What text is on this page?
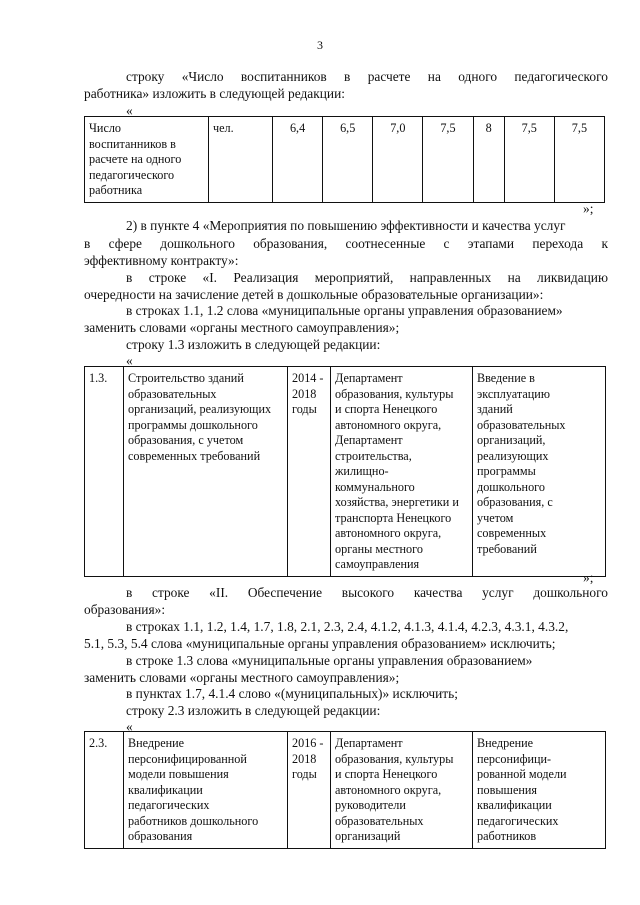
3
строку «Число воспитанников в расчете на одного педагогического
работника» изложить в следующей редакции:
«
Число
воспитанников в
расчете на одного
педагогического
работника	чел.	6,4	6,5	7,0	7,5	8	7,5	7,5
»;
2) в пункте 4 «Мероприятия по повышению эффективности и качества услуг
в сфере дошкольного образования, соотнесенные с этапами перехода к
эффективному контракту»:
в строке «I. Реализация мероприятий, направленных на ликвидацию
очередности на зачисление детей в дошкольные образовательные организации»:
в строках 1.1, 1.2 слова «муниципальные органы управления образованием»
заменить словами «органы местного самоуправления»;
строку 1.3 изложить в следующей редакции:
«
1.3.	Строительство зданий
образовательных
организаций, реализующих
программы дошкольного
образования, с учетом
современных требований	2014 -
2018
годы	Департамент
образования, культуры
и спорта Ненецкого
автономного округа,
Департамент
строительства,
жилищно-
коммунального
хозяйства, энергетики и
транспорта Ненецкого
автономного округа,
органы местного
самоуправления	Введение в
эксплуатацию
зданий
образовательных
организаций,
реализующих
программы
дошкольного
образования, с
учетом
современных
требований
»;
в строке «II. Обеспечение высокого качества услуг дошкольного
образования»:
в строках 1.1, 1.2, 1.4, 1.7, 1.8, 2.1, 2.3, 2.4, 4.1.2, 4.1.3, 4.1.4, 4.2.3, 4.3.1, 4.3.2,
5.1, 5.3, 5.4 слова «муниципальные органы управления образованием» исключить;
в строке 1.3 слова «муниципальные органы управления образованием»
заменить словами «органы местного самоуправления»;
в пунктах 1.7, 4.1.4 слово «(муниципальных)» исключить;
строку 2.3 изложить в следующей редакции:
«
2.3.	Внедрение
персонифицированной
модели повышения
квалификации
педагогических
работников дошкольного
образования	2016 -
2018
годы	Департамент
образования, культуры
и спорта Ненецкого
автономного округа,
руководители
образовательных
организаций	Внедрение
персонифици-
рованной модели
повышения
квалификации
педагогических
работников
